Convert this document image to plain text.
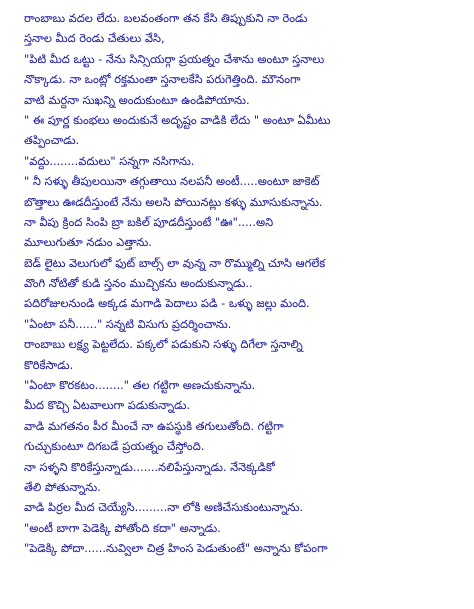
రాంబాబు వదల లేదు. బలవంతంగా తన కేసి తిప్పుకుని నా రెండు
స్తనాల మీద రెండు చేతులు వేసి,
"పిటి మీద ఒట్టు - నేను సిన్సియర్గా ప్రయత్నం చేశాను అంటూ స్తనాలు
నొక్కాడు. నా ఒంట్లో రక్తమంతా స్తనాలకేసి పరుగెత్తింది. మౌనంగా
వాటి మర్దనా సుఖన్ని అందుకుంటూ ఉండిపోయాను.
" ఈ పూర్ణ కుంభలు అందుకునే అదృష్టం వాడికి లేదు " అంటూ ఏమీటు
తప్పించాడు.
"వద్దు........వదులు" సన్నగా నసిగాను.
" నీ సళ్ళు తీపులయినా తగ్గుతాయి నలపనీ అంటీ.....అంటూ జాకెట్
బొత్తాలు ఊడదీస్తుంటే నేను అలసి పోయినట్లు కళ్ళు మూసుకున్నాను.
నా వీపు క్రింద సింపి బ్రా బకిల్ పూడదీస్తుంటే "ఊ".....అని
మూలుగుతూ నడుం ఎత్తాను.
బెడ్ లైటు వెలుగులో ఫుట్ బాల్స్ లా వున్న నా రొమ్ముల్ని చూసి ఆగలేక
వొంగి నోటితో కుడి స్తనం ముచ్చికను అందుకున్నాడు..
పదిరోజులనుండి అక్కడ మగాడి పెదాలు పడి - ఒళ్ళు జల్లు మంది.
"ఏంటా పనీ......" సన్నటి విసుగు ప్రదర్శించాను.
రాంబాబు లక్ష్య పెట్టలేదు. పక్కలో పడుకుని సళ్ళు దిగేలా స్తనాల్ని
కొరికేసాడు.
"ఏంటా కొరకటం........" తల గట్టిగా అణచుకున్నాను.
మీద కొచ్చి ఏటవాలుగా పడుకున్నాడు.
వాడి మగతనం పీర మీంచే నా ఉపస్థుకి తగులుతోంది. గట్టిగా
గుచ్చుకుంటూ దిగబడే ప్రయత్నం చేస్తోంది.
నా సళ్ళని కొరికేస్తున్నాడు.......నలిపేస్తున్నాడు. నేనెక్కడికో
తేలి పోతున్నాను.
వాడి పిర్రల మీద చెయ్యేసి.........నా లోకి అణిచేసుకుంటున్నాను.
"అంటీ బాగా పెడెక్కి పోతోంది కదా" అన్నాడు.
"పెడెక్కి పోదా......నువ్విలా చిత్ర హింస పెడుతుంటే" అన్నాను కోపంగా
